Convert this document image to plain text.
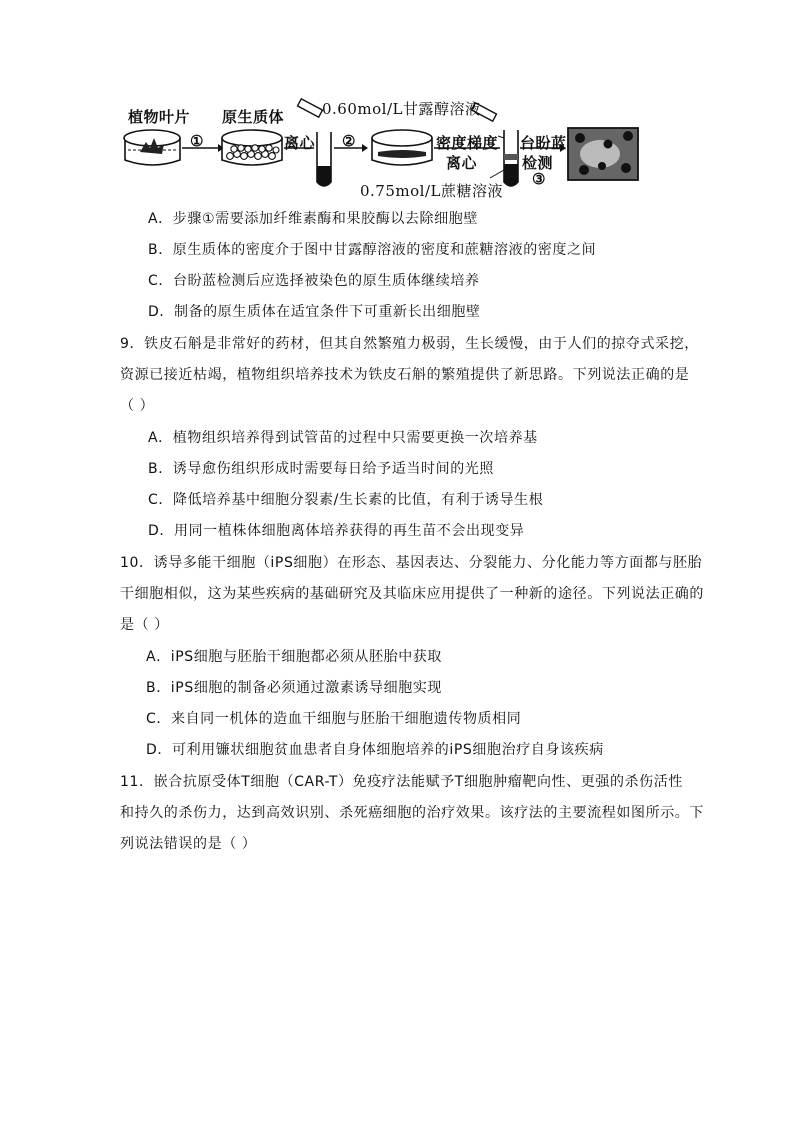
植物叶片 原生质体
①	离心 ②
0.60mol/L甘露醇溶液
密度梯度
离心
0.75mol/L蔗糖溶液
台盼蓝
检测
③
A．步骤①需要添加纤维素酶和果胶酶以去除细胞壁
B．原生质体的密度介于图中甘露醇溶液的密度和蔗糖溶液的密度之间
C．台盼蓝检测后应选择被染色的原生质体继续培养
D．制备的原生质体在适宜条件下可重新长出细胞壁
9．铁皮石斛是非常好的药材，但其自然繁殖力极弱，生长缓慢，由于人们的掠夺式采挖，
资源已接近枯竭，植物组织培养技术为铁皮石斛的繁殖提供了新思路。下列说法正确的是
（ ）
A．植物组织培养得到试管苗的过程中只需要更换一次培养基
B．诱导愈伤组织形成时需要每日给予适当时间的光照
C．降低培养基中细胞分裂素/生长素的比值，有利于诱导生根
D．用同一植株体细胞离体培养获得的再生苗不会出现变异
10．诱导多能干细胞（iPS细胞）在形态、基因表达、分裂能力、分化能力等方面都与胚胎
干细胞相似，这为某些疾病的基础研究及其临床应用提供了一种新的途径。下列说法正确的
是（ ）
A．iPS细胞与胚胎干细胞都必须从胚胎中获取
B．iPS细胞的制备必须通过激素诱导细胞实现
C．来自同一机体的造血干细胞与胚胎干细胞遗传物质相同
D．可利用镰状细胞贫血患者自身体细胞培养的iPS细胞治疗自身该疾病
11．嵌合抗原受体T细胞（CAR-T）免疫疗法能赋予T细胞肿瘤靶向性、更强的杀伤活性
和持久的杀伤力，达到高效识别、杀死癌细胞的治疗效果。该疗法的主要流程如图所示。下
列说法错误的是（ ）
